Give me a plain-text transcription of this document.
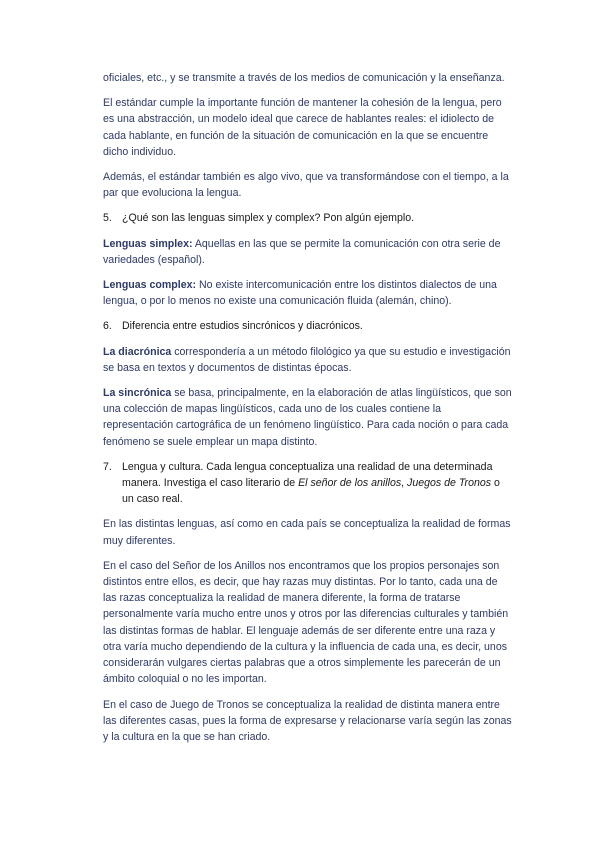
oficiales, etc., y se transmite a través de los medios de comunicación y la enseñanza.

El estándar cumple la importante función de mantener la cohesión de la lengua, pero es una abstracción, un modelo ideal que carece de hablantes reales: el idiolecto de cada hablante, en función de la situación de comunicación en la que se encuentre dicho individuo.

Además, el estándar también es algo vivo, que va transformándose con el tiempo, a la par que evoluciona la lengua.

5. ¿Qué son las lenguas simplex y complex? Pon algún ejemplo.

Lenguas simplex: Aquellas en las que se permite la comunicación con otra serie de variedades (español).

Lenguas complex: No existe intercomunicación entre los distintos dialectos de una lengua, o por lo menos no existe una comunicación fluida (alemán, chino).

6. Diferencia entre estudios sincrónicos y diacrónicos.

La diacrónica correspondería a un método filológico ya que su estudio e investigación se basa en textos y documentos de distintas épocas.

La sincrónica se basa, principalmente, en la elaboración de atlas lingüísticos, que son una colección de mapas lingüísticos, cada uno de los cuales contiene la representación cartográfica de un fenómeno lingüístico. Para cada noción o para cada fenómeno se suele emplear un mapa distinto.

7. Lengua y cultura. Cada lengua conceptualiza una realidad de una determinada manera. Investiga el caso literario de El señor de los anillos, Juegos de Tronos o un caso real.

En las distintas lenguas, así como en cada país se conceptualiza la realidad de formas muy diferentes.

En el caso del Señor de los Anillos nos encontramos que los propios personajes son distintos entre ellos, es decir, que hay razas muy distintas. Por lo tanto, cada una de las razas conceptualiza la realidad de manera diferente, la forma de tratarse personalmente varía mucho entre unos y otros por las diferencias culturales y también las distintas formas de hablar. El lenguaje además de ser diferente entre una raza y otra varía mucho dependiendo de la cultura y la influencia de cada una, es decir, unos considerarán vulgares ciertas palabras que a otros simplemente les parecerán de un ámbito coloquial o no les importan.

En el caso de Juego de Tronos se conceptualiza la realidad de distinta manera entre las diferentes casas, pues la forma de expresarse y relacionarse varía según las zonas y la cultura en la que se han criado.
